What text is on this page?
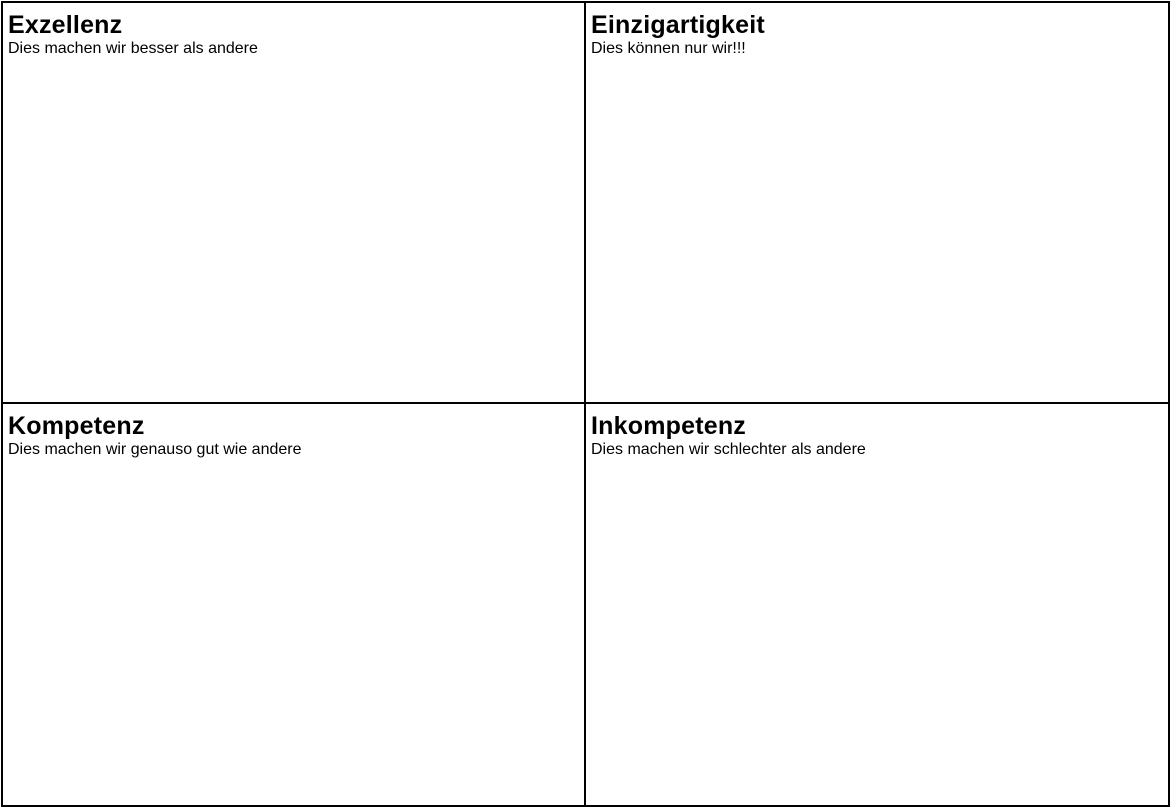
Exzellenz

Dies machen wir besser als andere

Einzigartigkeit

Dies können nur wir!!!

Kompetenz

Dies machen wir genauso gut wie andere

Inkompetenz

Dies machen wir schlechter als andere
